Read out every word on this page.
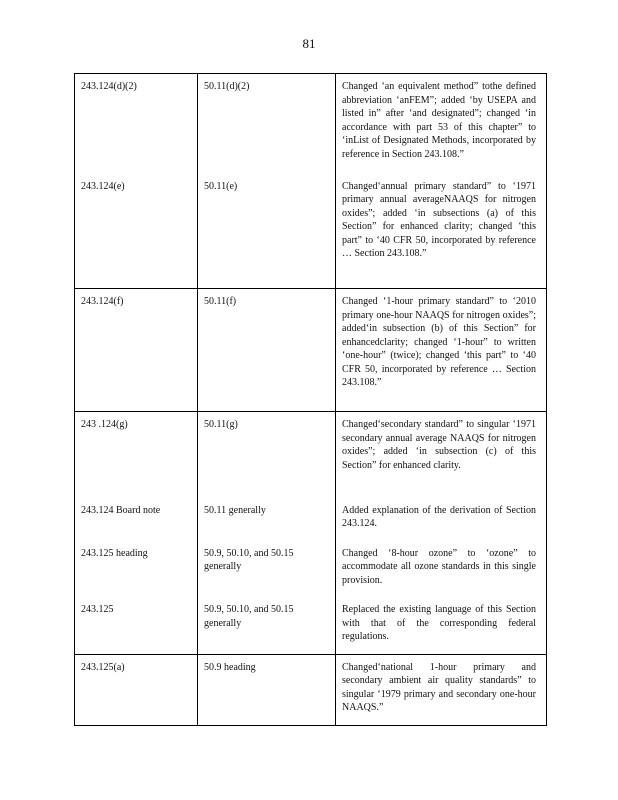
81
243.124(d)(2)	50.11(d)(2)	Changed ‘an equivalent method” tothe defined abbreviation ‘anFEM”; added ‘by USEPA and listed in” after ‘and designated”; changed ‘in accordance with part 53 of this chapter” to ‘inList of Designated Methods, incorporated by reference in Section 243.108.”
243.124(e)	50.11(e)	Changed‘annual primary standard” to ‘1971 primary annual averageNAAQS for nitrogen oxides”; added ‘in subsections (a) of this Section” for enhanced clarity; changed ‘this part” to ‘40 CFR 50, incorporated by reference … Section 243.108.”
243.124(f)	50.11(f)	Changed ‘1-hour primary standard” to ‘2010 primary one-hour NAAQS for nitrogen oxides”; added‘in subsection (b) of this Section” for enhancedclarity; changed ‘1-hour” to written ‘one-hour” (twice); changed ‘this part” to ‘40 CFR 50, incorporated by reference … Section 243.108.”
243 .124(g)	50.11(g)	Changed‘secondary standard” to singular ‘1971 secondary annual average NAAQS for nitrogen oxides”; added ‘in subsection (c) of this Section” for enhanced clarity.
243.124 Board note	50.11 generally	Added explanation of the derivation of Section 243.124.
243.125 heading	50.9, 50.10, and 50.15 generally	Changed ‘8-hour ozone” to ‘ozone” to accommodate all ozone standards in this single provision.
243.125	50.9, 50.10, and 50.15 generally	Replaced the existing language of this Section with that of the corresponding federal regulations.
243.125(a)	50.9 heading	Changed‘national 1-hour primary and secondary ambient air quality standards” to singular ‘1979 primary and secondary one-hour NAAQS.”
